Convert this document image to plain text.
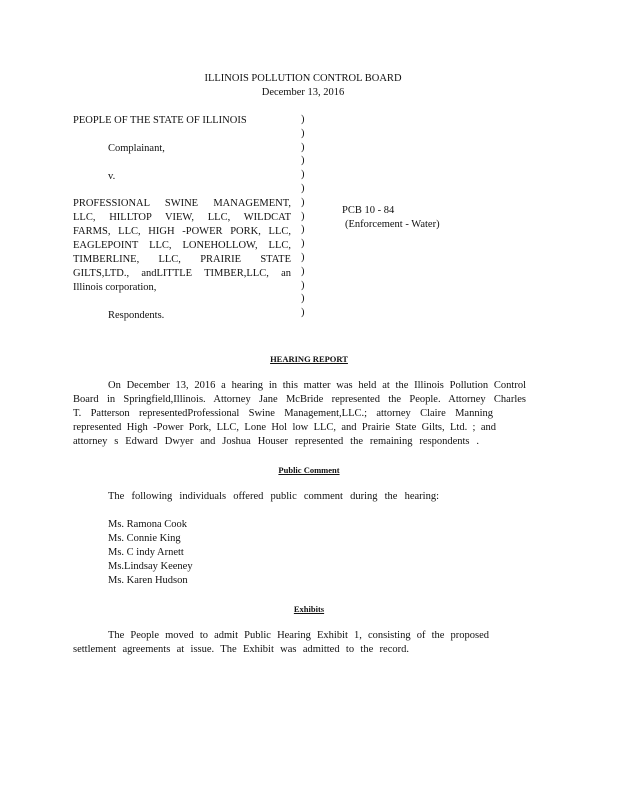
ILLINOIS POLLUTION CONTROL BOARD
December 13, 2016
PEOPLE OF THE STATE OF ILLINOIS
Complainant,
v.
PROFESSIONAL SWINE MANAGEMENT,
LLC, HILLTOP VIEW, LLC, WILDCAT
FARMS, LLC, HIGH -POWER PORK, LLC,
EAGLEPOINT LLC, LONEHOLLOW, LLC,
TIMBERLINE, LLC, PRAIRIE STATE
GILTS,LTD., andLITTLE TIMBER,LLC, an
Illinois corporation,
Respondents.
)
)
)
)
)
)
)
)
)
)
)
)
)
)
)
PCB 10 - 84
(Enforcement - Water)
HEARING REPORT
On December 13, 2016 a hearing in this matter was held at the Illinois Pollution Control
Board in Springfield,Illinois. Attorney Jane McBride represented the People. Attorney Charles
T. Patterson representedProfessional Swine Management,LLC.; attorney Claire Manning
represented High -Power Pork, LLC, Lone Hol low LLC, and Prairie State Gilts, Ltd. ; and
attorney s Edward Dwyer and Joshua Houser represented the remaining respondents .
Public Comment
The following individuals offered public comment during the hearing:
Ms. Ramona Cook
Ms. Connie King
Ms. C indy Arnett
Ms.Lindsay Keeney
Ms. Karen Hudson
Exhibits
The People moved to admit Public Hearing Exhibit 1, consisting of the proposed
settlement agreements at issue. The Exhibit was admitted to the record.
